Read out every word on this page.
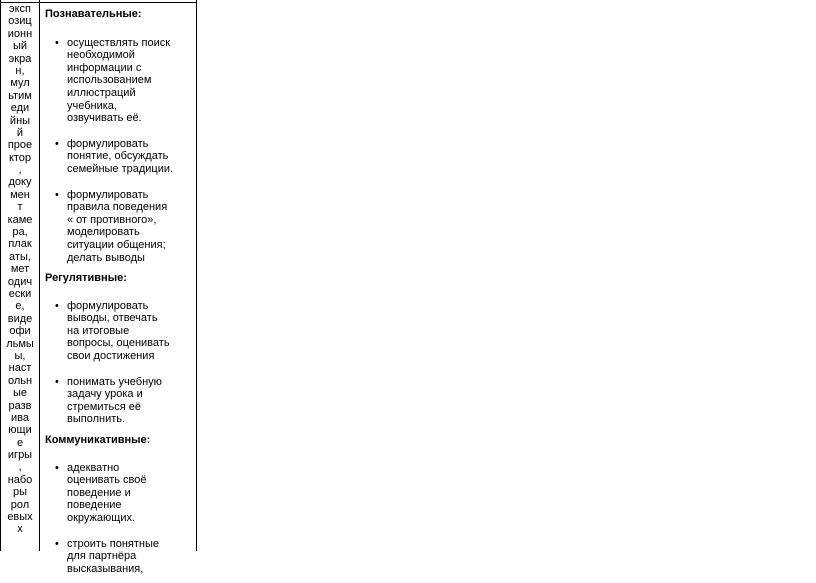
эксп
озиц
ионн
ый
экра
н,
мул
ьтим
еди
йны
й
прое
ктор
,
доку
мен
т
каме
ра,
плак
аты,
мет
одич
ески
е,
виде
офи
льмы
ы,
наст
ольн
ые
разв
ива
ющи
е
игры
,
набо
ры
рол
евых
х

Познавательные:

• осуществлять поиск
необходимой
информации с
использованием
иллюстраций
учебника,
озвучивать её.
• формулировать
понятие, обсуждать
семейные традиции.
• формулировать
правила поведения
« от противного»,
моделировать
ситуации общения;
делать выводы

Регулятивные:

• формулировать
выводы, отвечать
на итоговые
вопросы, оценивать
свои достижения
• понимать учебную
задачу урока и
стремиться её
выполнить.

Коммуникативные:

• адекватно
оценивать своё
поведение и
поведение
окружающих.
• строить понятные
для партнёра
высказывания,
